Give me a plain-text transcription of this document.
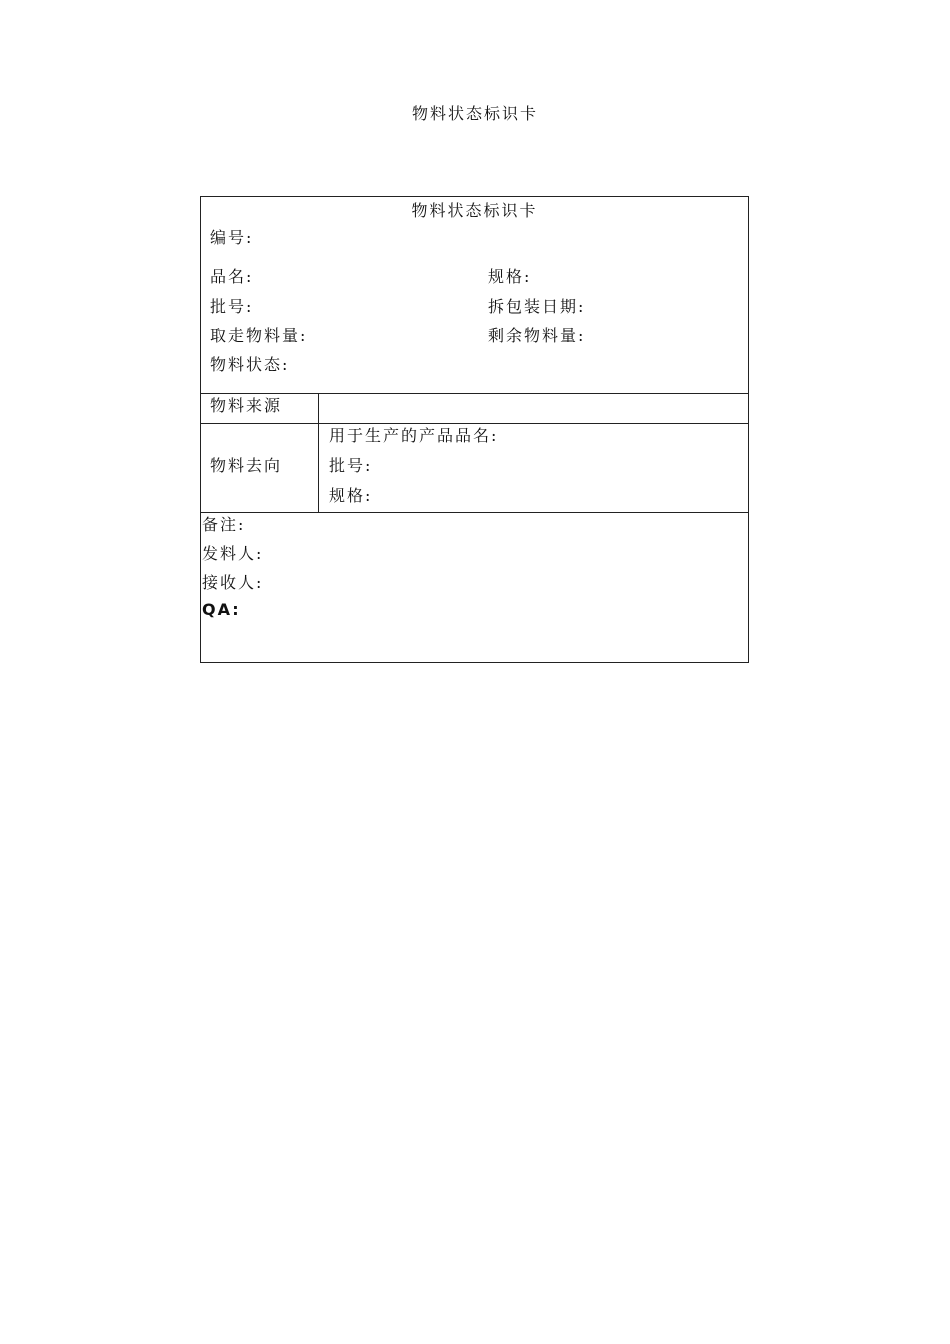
物料状态标识卡
物料状态标识卡
编号:
品名:	规格:
批号:	拆包装日期:
取走物料量:	剩余物料量:
物料状态:
物料来源
物料去向
用于生产的产品品名:
批号:
规格:
备注:
发料人:
接收人:
QA:
